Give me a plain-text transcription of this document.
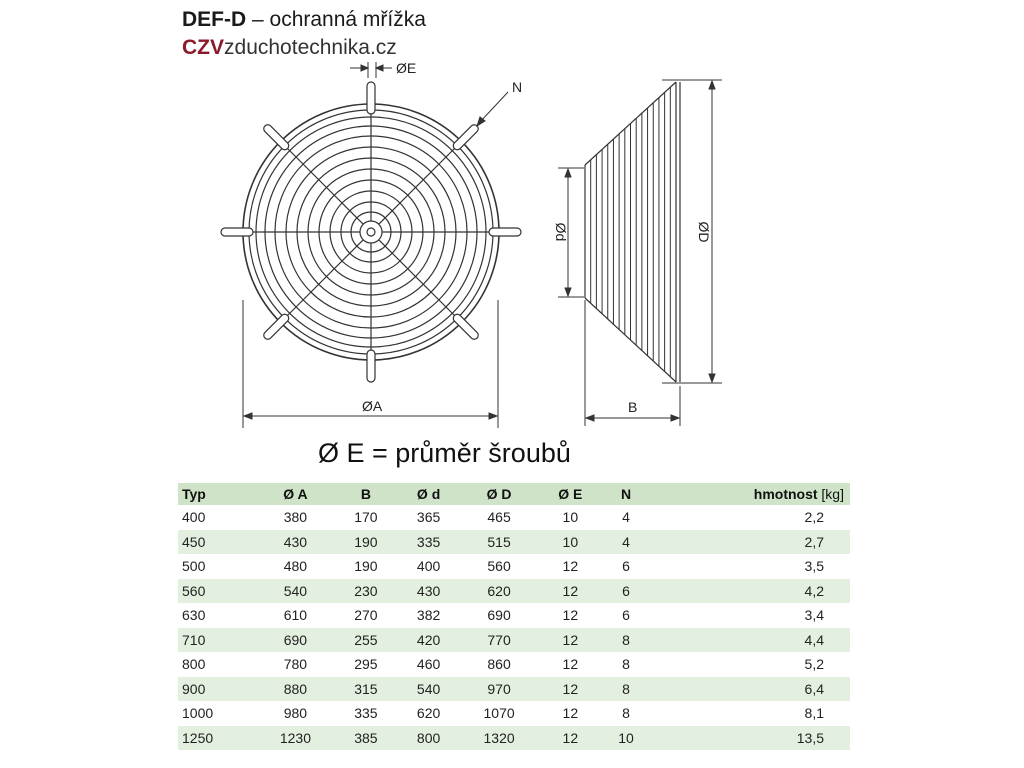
DEF-D – ochranná mřížka
CZVzduchotechnika.cz
ØE
N
ØA
Ød	ØD
B
Ø E = průměr šroubů
Typ	Ø A	B	Ø d	Ø D	Ø E	N	hmotnost [kg]
400	380	170	365	465	10	4	2,2
450	430	190	335	515	10	4	2,7
500	480	190	400	560	12	6	3,5
560	540	230	430	620	12	6	4,2
630	610	270	382	690	12	6	3,4
710	690	255	420	770	12	8	4,4
800	780	295	460	860	12	8	5,2
900	880	315	540	970	12	8	6,4
1000	980	335	620	1070	12	8	8,1
1250	1230	385	800	1320	12	10	13,5
